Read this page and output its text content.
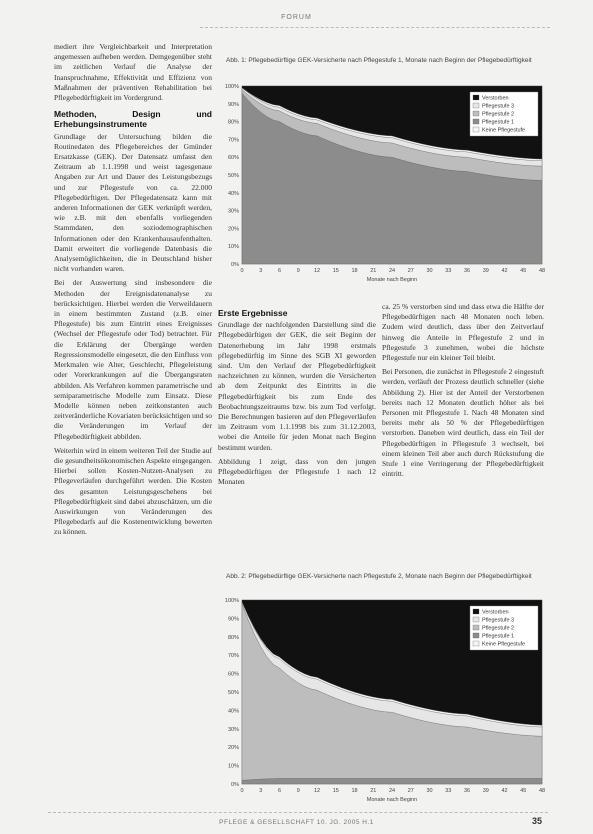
FORUM

mediert ihre Vergleichbarkeit und Interpretation angemessen aufheben werden. Demgegenüber steht im zeitlichen Verlauf die Analyse der Inanspruchnahme, Effektivität und Effizienz von Maßnahmen der präventiven Rehabilitation bei Pflegebedürftigkeit im Vordergrund.

Methoden, Design und Erhebungsinstrumente

Grundlage der Untersuchung bilden die Routinedaten des Pflegebereiches der Gmünder Ersatzkasse (GEK). Der Datensatz umfasst den Zeitraum ab 1.1.1998 und weist tagesgenaue Angaben zur Art und Dauer des Leistungsbezugs und zur Pflegestufe von ca. 22.000 Pflegebedürftigen. Der Pflegedatensatz kann mit anderen Informationen der GEK verknüpft werden, wie z.B. mit den ebenfalls vorliegenden Stammdaten, den soziodemographischen Informationen oder den Krankenhausaufenthalten. Damit erweitert die vorliegende Datenbasis die Analysemöglichkeiten, die in Deutschland bisher nicht vorhanden waren.

Bei der Auswertung sind insbesondere die Methoden der Ereignisdatenanalyse zu berücksichtigen. Hierbei werden die Verweildauern in einem bestimmten Zustand (z.B. einer Pflegestufe) bis zum Eintritt eines Ereignisses (Wechsel der Pflegestufe oder Tod) betrachtet. Für die Erklärung der Übergänge werden Regressionsmodelle eingesetzt, die den Einfluss von Merkmalen wie Alter, Geschlecht, Pflegeleistung oder Vorerkrankungen auf die Übergangsraten abbilden. Als Verfahren kommen parametrische und semiparametrische Modelle zum Einsatz. Diese Modelle können neben zeitkonstanten auch zeitveränderliche Kovariaten berücksichtigen und so die Veränderungen im Verlauf der Pflegebedürftigkeit abbilden.

Weiterhin wird in einem weiteren Teil der Studie auf die gesundheitsökonomischen Aspekte eingegangen. Hierbei sollen Kosten-Nutzen-Analysen zu Pflegeverläufen durchgeführt werden. Die Kosten des gesamten Leistungsgeschehens bei Pflegebedürftigkeit sind dabei abzuschätzen, um die Auswirkungen von Veränderungen des Pflegebedarfs auf die Kostenentwicklung bewerten zu können.

Abb. 1: Pflegebedürftige GEK-Versicherte nach Pflegestufe 1, Monate nach Beginn der Pflegebedürftigkeit
100%
90%
80%
70%
60%
50%
40%
30%
20%
10%
0%
0	3	6	9	12 15 18 21 24 27 30 33 36 39 42 45 48
Monate nach Beginn
Verstorben
Pflegestufe 3
Pflegestufe 2
Pflegestufe 1
Keine Pflegestufe
Erste Ergebnisse

Grundlage der nachfolgenden Darstellung sind die Pflegebedürftigen der GEK, die seit Beginn der Datenerhebung im Jahr 1998 erstmals pflegebedürftig im Sinne des SGB XI geworden sind. Um den Verlauf der Pflegebedürftigkeit nachzeichnen zu können, wurden die Versicherten ab dem Zeitpunkt des Eintritts in die Pflegebedürftigkeit bis zum Ende des Beobachtungszeitraums bzw. bis zum Tod verfolgt. Die Berechnungen basieren auf den Pflegeverläufen im Zeitraum vom 1.1.1998 bis zum 31.12.2003, wobei die Anteile für jeden Monat nach Beginn bestimmt wurden.

Abbildung 1 zeigt, dass von den jungen Pflegebedürftigen der Pflegestufe 1 nach 12 Monaten

ca. 25 % verstorben sind und dass etwa die Hälfte der Pflegebedürftigen nach 48 Monaten noch leben. Zudem wird deutlich, dass über den Zeitverlauf hinweg die Anteile in Pflegestufe 2 und in Pflegestufe 3 zunehmen, wobei die höchste Pflegestufe nur ein kleiner Teil bleibt.

Bei Personen, die zunächst in Pflegestufe 2 eingestuft werden, verläuft der Prozess deutlich schneller (siehe Abbildung 2). Hier ist der Anteil der Verstorbenen bereits nach 12 Monaten deutlich höher als bei Personen mit Pflegestufe 1. Nach 48 Monaten sind bereits mehr als 50 % der Pflegebedürftigen verstorben. Daneben wird deutlich, dass ein Teil der Pflegebedürftigen in Pflegestufe 3 wechselt, bei einem kleinen Teil aber auch durch Rückstufung die Stufe 1 eine Verringerung der Pflegebedürftigkeit eintritt.

Abb. 2: Pflegebedürftige GEK-Versicherte nach Pflegestufe 2, Monate nach Beginn der Pflegebedürftigkeit
100%
90%
80%
70%
60%
50%
40%
30%
20%
10%
0%
0	3	6	9	12 15 18 21 24 27 30 33 36 39 42 45 48
Monate nach Beginn
Verstorben
Pflegestufe 3
Pflegestufe 2
Pflegestufe 1
Keine Pflegestufe
PFLEGE & GESELLSCHAFT 10. JG. 2005 H.1	35
